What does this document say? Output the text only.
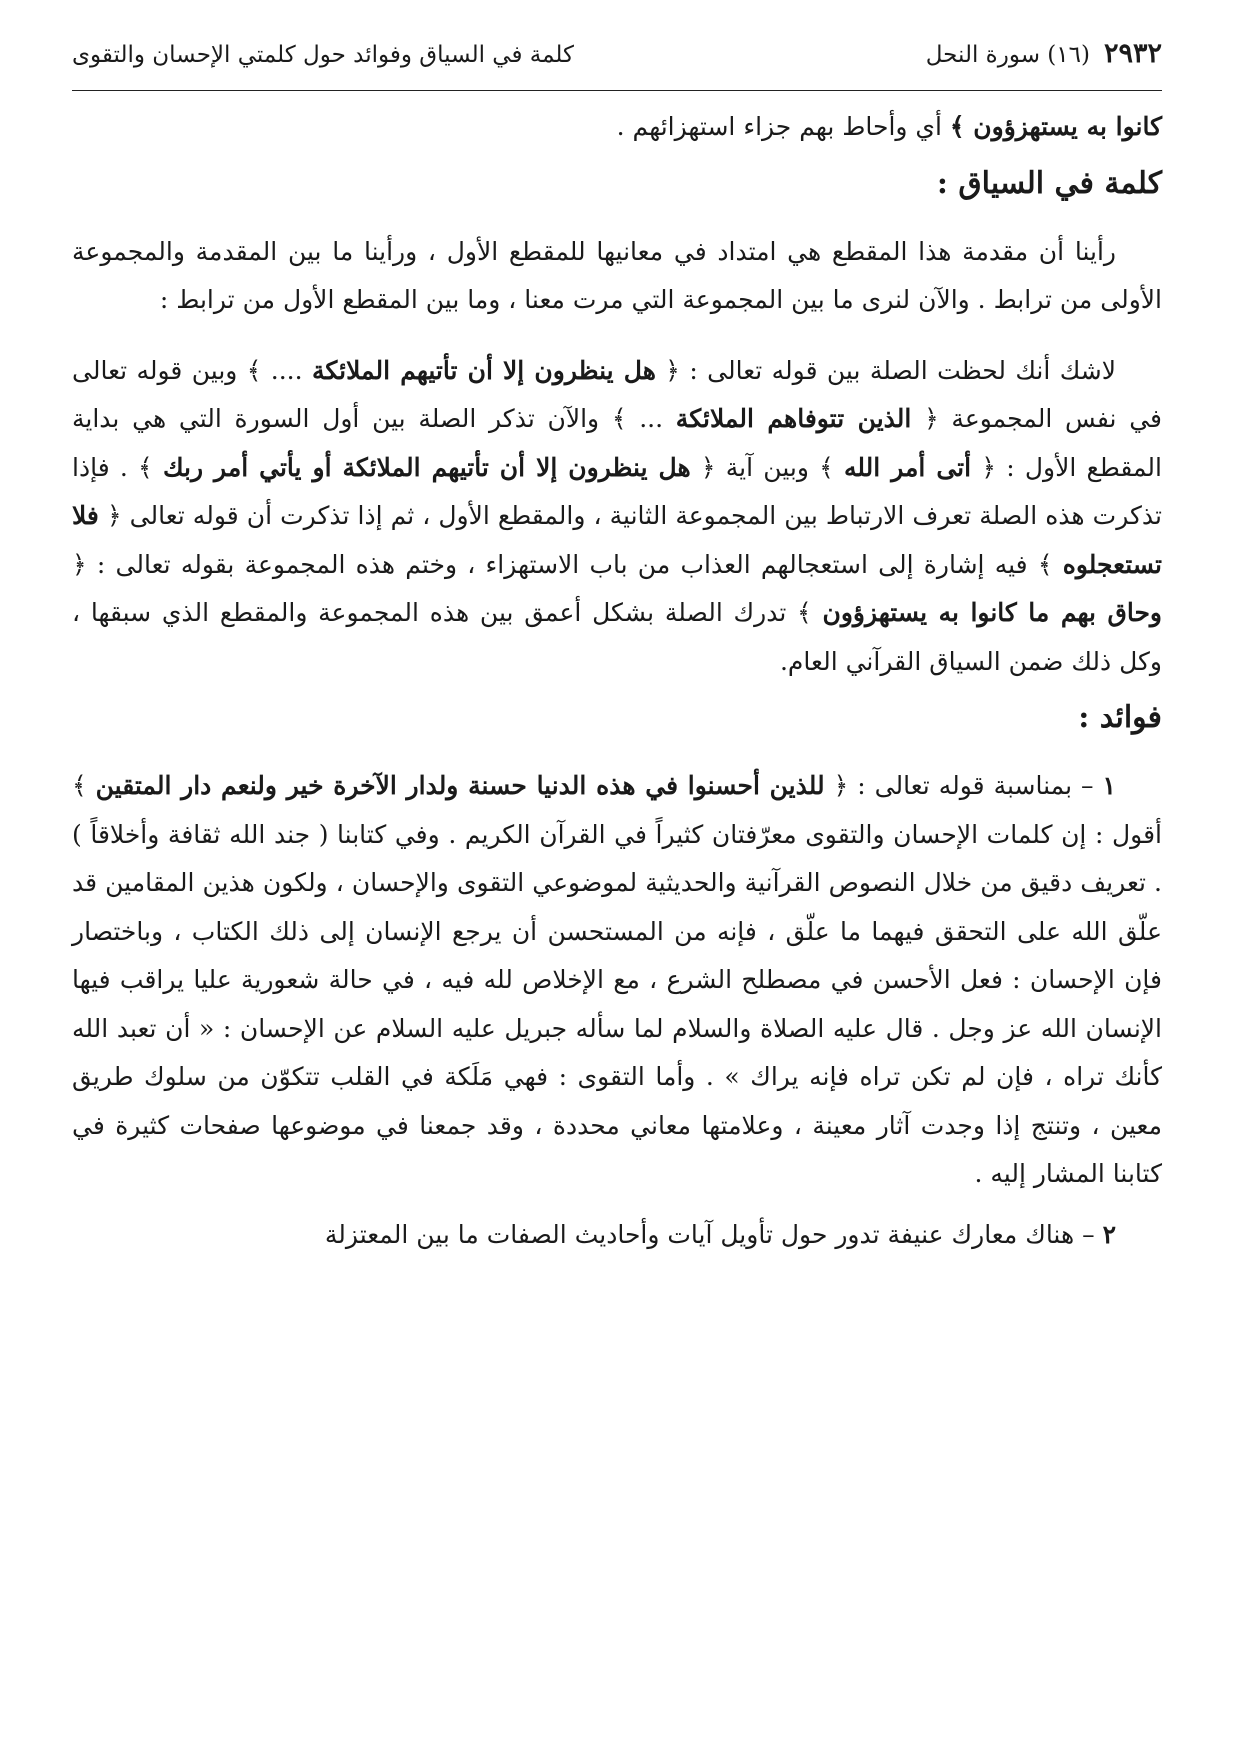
٢٩٣٢
(١٦) سورة النحل
كلمة في السياق وفوائد حول كلمتي الإحسان والتقوى

كانوا به يستهزؤون ﴾ أي وأحاط بهم جزاء استهزائهم .

كلمة في السياق :

رأينا أن مقدمة هذا المقطع هي امتداد في معانيها للمقطع الأول ، ورأينا ما بين المقدمة والمجموعة الأولى من ترابط . والآن لنرى ما بين المجموعة التي مرت معنا ، وما بين المقطع الأول من ترابط :

لاشك أنك لحظت الصلة بين قوله تعالى : ﴿ هل ينظرون إلا أن تأتيهم الملائكة .... ﴾ وبين قوله تعالى في نفس المجموعة ﴿ الذين تتوفاهم الملائكة ... ﴾ والآن تذكر الصلة بين أول السورة التي هي بداية المقطع الأول : ﴿ أتى أمر الله ﴾ وبين آية ﴿ هل ينظرون إلا أن تأتيهم الملائكة أو يأتي أمر ربك ﴾ . فإذا تذكرت هذه الصلة تعرف الارتباط بين المجموعة الثانية ، والمقطع الأول ، ثم إذا تذكرت أن قوله تعالى ﴿ فلا تستعجلوه ﴾ فيه إشارة إلى استعجالهم العذاب من باب الاستهزاء ، وختم هذه المجموعة بقوله تعالى : ﴿ وحاق بهم ما كانوا به يستهزؤون ﴾ تدرك الصلة بشكل أعمق بين هذه المجموعة والمقطع الذي سبقها ، وكل ذلك ضمن السياق القرآني العام.

فوائد :

١ – بمناسبة قوله تعالى : ﴿ للذين أحسنوا في هذه الدنيا حسنة ولدار الآخرة خير ولنعم دار المتقين ﴾ أقول : إن كلمات الإحسان والتقوى معرّفتان كثيراً في القرآن الكريم . وفي كتابنا ( جند الله ثقافة وأخلاقاً ) . تعريف دقيق من خلال النصوص القرآنية والحديثية لموضوعي التقوى والإحسان ، ولكون هذين المقامين قد علّق الله على التحقق فيهما ما علّق ، فإنه من المستحسن أن يرجع الإنسان إلى ذلك الكتاب ، وباختصار فإن الإحسان : فعل الأحسن في مصطلح الشرع ، مع الإخلاص لله فيه ، في حالة شعورية عليا يراقب فيها الإنسان الله عز وجل . قال عليه الصلاة والسلام لما سأله جبريل عليه السلام عن الإحسان : « أن تعبد الله كأنك تراه ، فإن لم تكن تراه فإنه يراك » . وأما التقوى : فهي مَلَكة في القلب تتكوّن من سلوك طريق معين ، وتنتج إذا وجدت آثار معينة ، وعلامتها معاني محددة ، وقد جمعنا في موضوعها صفحات كثيرة في كتابنا المشار إليه .

٢ – هناك معارك عنيفة تدور حول تأويل آيات وأحاديث الصفات ما بين المعتزلة
